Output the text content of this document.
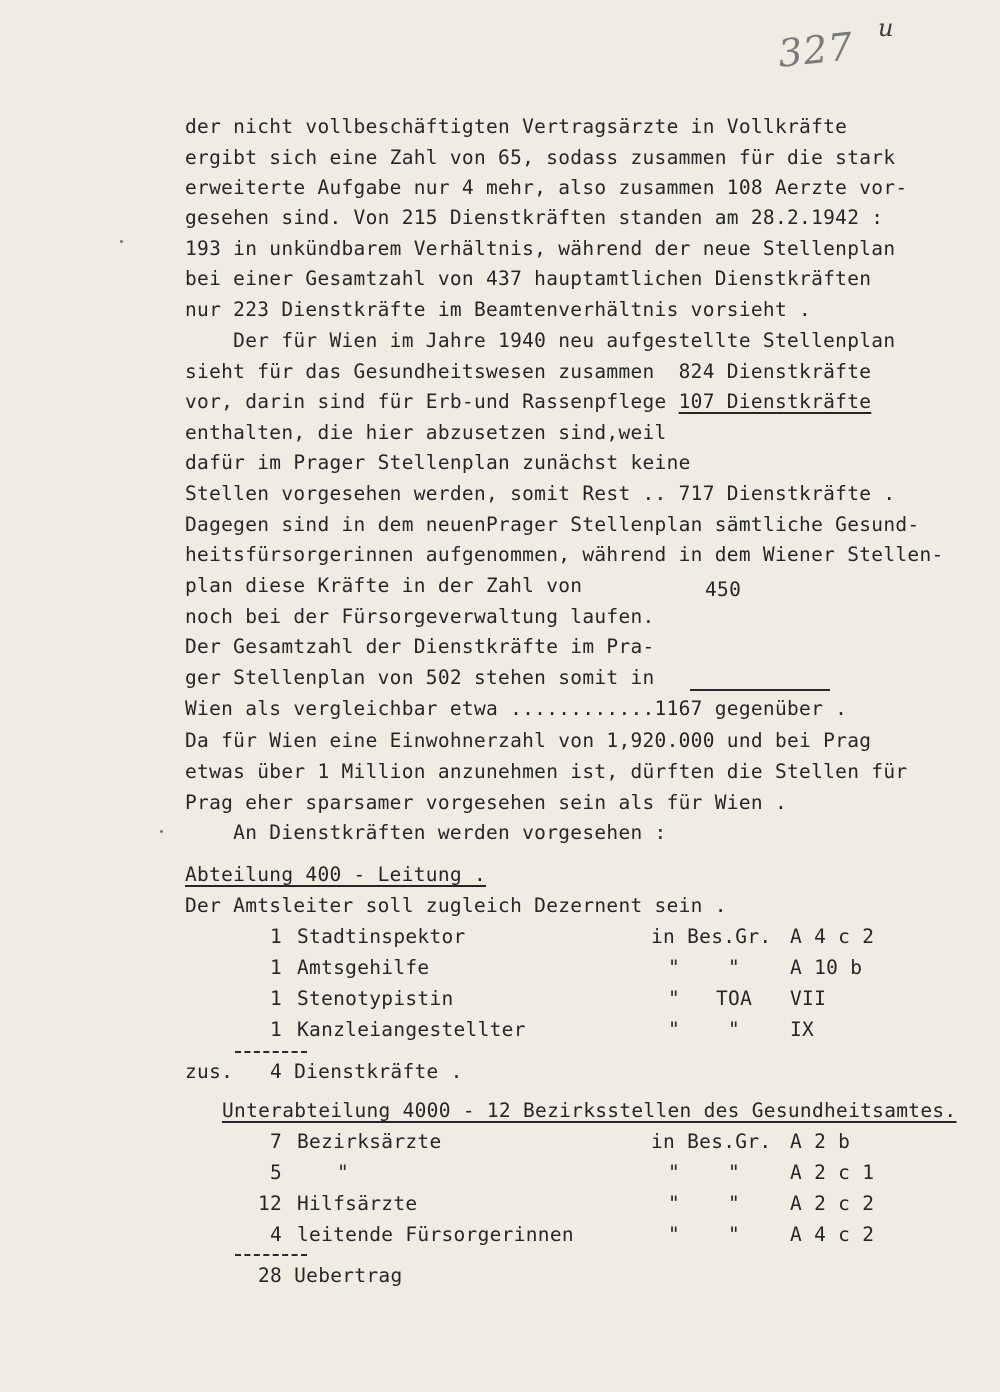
327 u

der nicht vollbeschäftigten Vertragsärzte in Vollkräfte

ergibt sich eine Zahl von 65, sodass zusammen für die stark

erweiterte Aufgabe nur 4 mehr, also zusammen 108 Aerzte vor-

gesehen sind. Von 215 Dienstkräften standen am 28.2.1942 :

193 in unkündbarem Verhältnis, während der neue Stellenplan

bei einer Gesamtzahl von 437 hauptamtlichen Dienstkräften

nur 223 Dienstkräfte im Beamtenverhältnis vorsieht .

Der für Wien im Jahre 1940 neu aufgestellte Stellenplan

sieht für das Gesundheitswesen zusammen  824 Dienstkräfte

vor, darin sind für Erb-und Rassenpflege 107 Dienstkräfte

enthalten, die hier abzusetzen sind,weil

dafür im Prager Stellenplan zunächst keine

Stellen vorgesehen werden, somit Rest .. 717 Dienstkräfte .

Dagegen sind in dem neuenPrager Stellenplan sämtliche Gesund-

heitsfürsorgerinnen aufgenommen, während in dem Wiener Stellen-

plan diese Kräfte in der Zahl von	450

noch bei der Fürsorgeverwaltung laufen.

Der Gesamtzahl der Dienstkräfte im Pra-

ger Stellenplan von 502 stehen somit in

Wien als vergleichbar etwa ............1167 gegenüber .

Da für Wien eine Einwohnerzahl von 1,920.000 und bei Prag

etwas über 1 Million anzunehmen ist, dürften die Stellen für

Prag eher sparsamer vorgesehen sein als für Wien .

An Dienstkräften werden vorgesehen :

Abteilung 400 - Leitung .

Der Amtsleiter soll zugleich Dezernent sein .

1 Stadtinspektor	in Bes.Gr. A 4 c 2
1 Amtsgehilfe	" "	A 10 b
1 Stenotypistin	" TOA VII
1 Kanzleiangestellter	" "	IX
zus. 4 Dienstkräfte .
Unterabteilung 4000 - 12 Bezirksstellen des Gesundheitsamtes.
7 Bezirksärzte	in Bes.Gr. A 2 b
5	"	" "	A 2 c 1
12 Hilfsärzte	" "	A 2 c 2
4 leitende Fürsorgerinnen	" "	A 4 c 2
28 Uebertrag
